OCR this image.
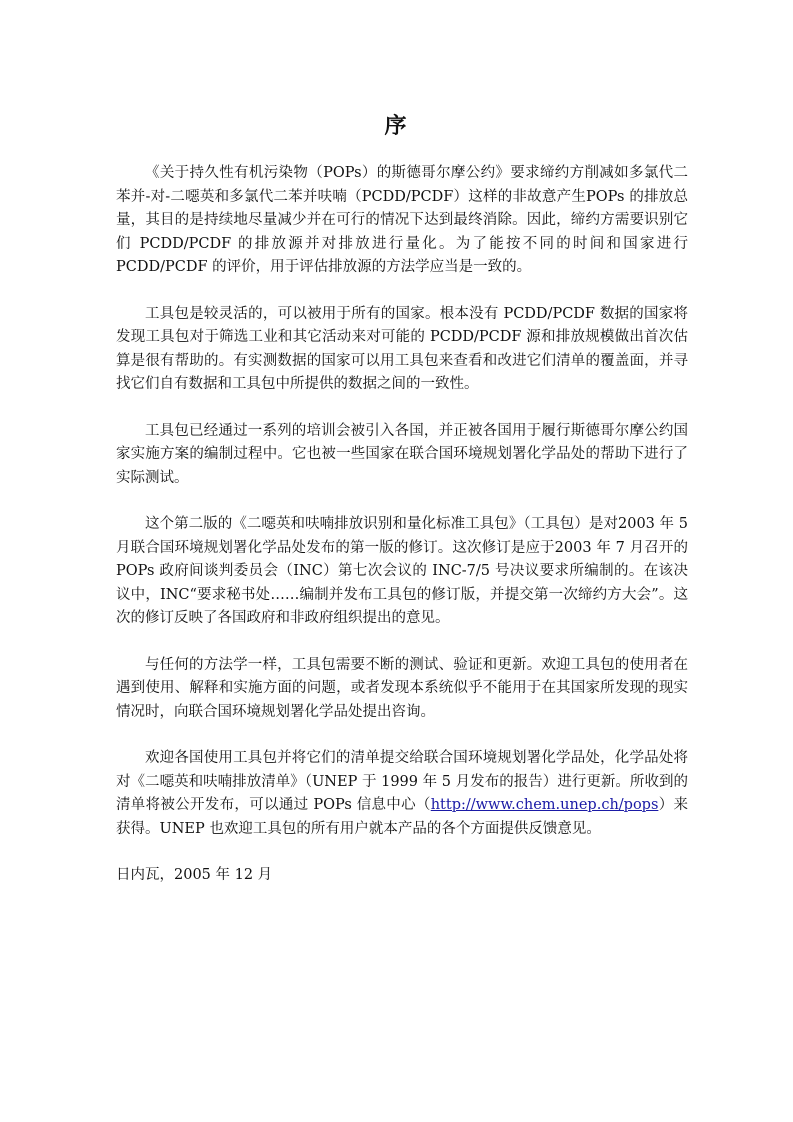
序

《关于持久性有机污染物（POPs）的斯德哥尔摩公约》要求缔约方削减如多氯代二苯并-对-二噁英和多氯代二苯并呋喃（PCDD/PCDF）这样的非故意产生POPs 的排放总量，其目的是持续地尽量减少并在可行的情况下达到最终消除。因此，缔约方需要识别它们 PCDD/PCDF 的排放源并对排放进行量化。为了能按不同的时间和国家进行 PCDD/PCDF 的评价，用于评估排放源的方法学应当是一致的。

工具包是较灵活的，可以被用于所有的国家。根本没有 PCDD/PCDF 数据的国家将发现工具包对于筛选工业和其它活动来对可能的 PCDD/PCDF 源和排放规模做出首次估算是很有帮助的。有实测数据的国家可以用工具包来查看和改进它们清单的覆盖面，并寻找它们自有数据和工具包中所提供的数据之间的一致性。

工具包已经通过一系列的培训会被引入各国，并正被各国用于履行斯德哥尔摩公约国家实施方案的编制过程中。它也被一些国家在联合国环境规划署化学品处的帮助下进行了实际测试。

这个第二版的《二噁英和呋喃排放识别和量化标准工具包》（工具包）是对2003 年 5 月联合国环境规划署化学品处发布的第一版的修订。这次修订是应于2003 年 7 月召开的 POPs 政府间谈判委员会（INC）第七次会议的 INC-7/5 号决议要求所编制的。在该决议中，INC“要求秘书处……编制并发布工具包的修订版，并提交第一次缔约方大会”。这次的修订反映了各国政府和非政府组织提出的意见。

与任何的方法学一样，工具包需要不断的测试、验证和更新。欢迎工具包的使用者在遇到使用、解释和实施方面的问题，或者发现本系统似乎不能用于在其国家所发现的现实情况时，向联合国环境规划署化学品处提出咨询。

欢迎各国使用工具包并将它们的清单提交给联合国环境规划署化学品处，化学品处将对《二噁英和呋喃排放清单》（UNEP 于 1999 年 5 月发布的报告）进行更新。所收到的清单将被公开发布，可以通过 POPs 信息中心（http://www.chem.unep.ch/pops）来获得。UNEP 也欢迎工具包的所有用户就本产品的各个方面提供反馈意见。

日内瓦，2005 年 12 月
